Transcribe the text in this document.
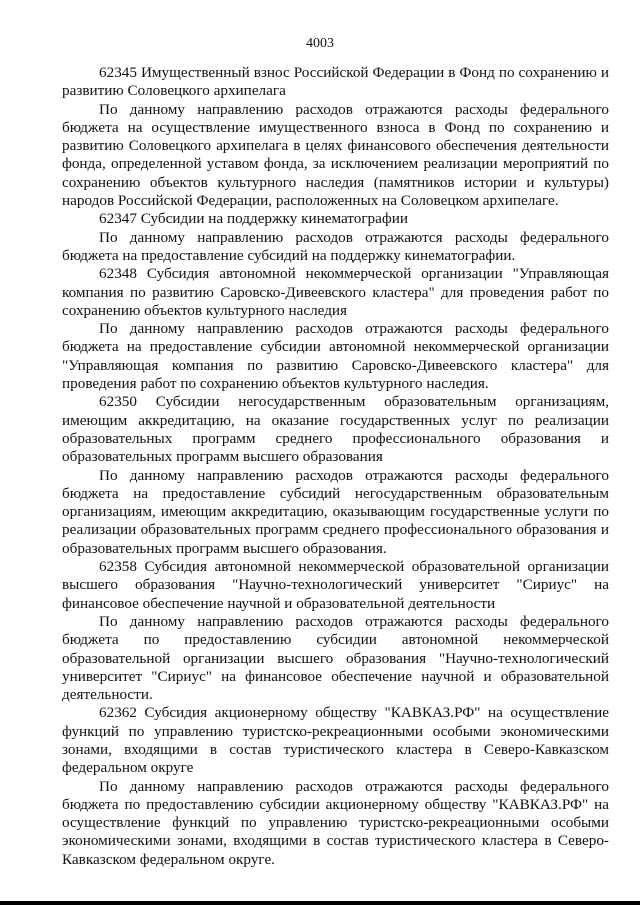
4003

62345 Имущественный взнос Российской Федерации в Фонд по сохранению и развитию Соловецкого архипелага

По данному направлению расходов отражаются расходы федерального бюджета на осуществление имущественного взноса в Фонд по сохранению и развитию Соловецкого архипелага в целях финансового обеспечения деятельности фонда, определенной уставом фонда, за исключением реализации мероприятий по сохранению объектов культурного наследия (памятников истории и культуры) народов Российской Федерации, расположенных на Соловецком архипелаге.

62347 Субсидии на поддержку кинематографии

По данному направлению расходов отражаются расходы федерального бюджета на предоставление субсидий на поддержку кинематографии.

62348 Субсидия автономной некоммерческой организации "Управляющая компания по развитию Саровско-Дивеевского кластера" для проведения работ по сохранению объектов культурного наследия

По данному направлению расходов отражаются расходы федерального бюджета на предоставление субсидии автономной некоммерческой организации "Управляющая компания по развитию Саровско-Дивеевского кластера" для проведения работ по сохранению объектов культурного наследия.

62350 Субсидии негосударственным образовательным организациям, имеющим аккредитацию, на оказание государственных услуг по реализации образовательных программ среднего профессионального образования и образовательных программ высшего образования

По данному направлению расходов отражаются расходы федерального бюджета на предоставление субсидий негосударственным образовательным организациям, имеющим аккредитацию, оказывающим государственные услуги по реализации образовательных программ среднего профессионального образования и образовательных программ высшего образования.

62358 Субсидия автономной некоммерческой образовательной организации высшего образования "Научно-технологический университет "Сириус" на финансовое обеспечение научной и образовательной деятельности

По данному направлению расходов отражаются расходы федерального бюджета по предоставлению субсидии автономной некоммерческой образовательной организации высшего образования "Научно-технологический университет "Сириус" на финансовое обеспечение научной и образовательной деятельности.

62362 Субсидия акционерному обществу "КАВКАЗ.РФ" на осуществление функций по управлению туристско-рекреационными особыми экономическими зонами, входящими в состав туристического кластера в Северо-Кавказском федеральном округе

По данному направлению расходов отражаются расходы федерального бюджета по предоставлению субсидии акционерному обществу "КАВКАЗ.РФ" на осуществление функций по управлению туристско-рекреационными особыми экономическими зонами, входящими в состав туристического кластера в Северо-Кавказском федеральном округе.
